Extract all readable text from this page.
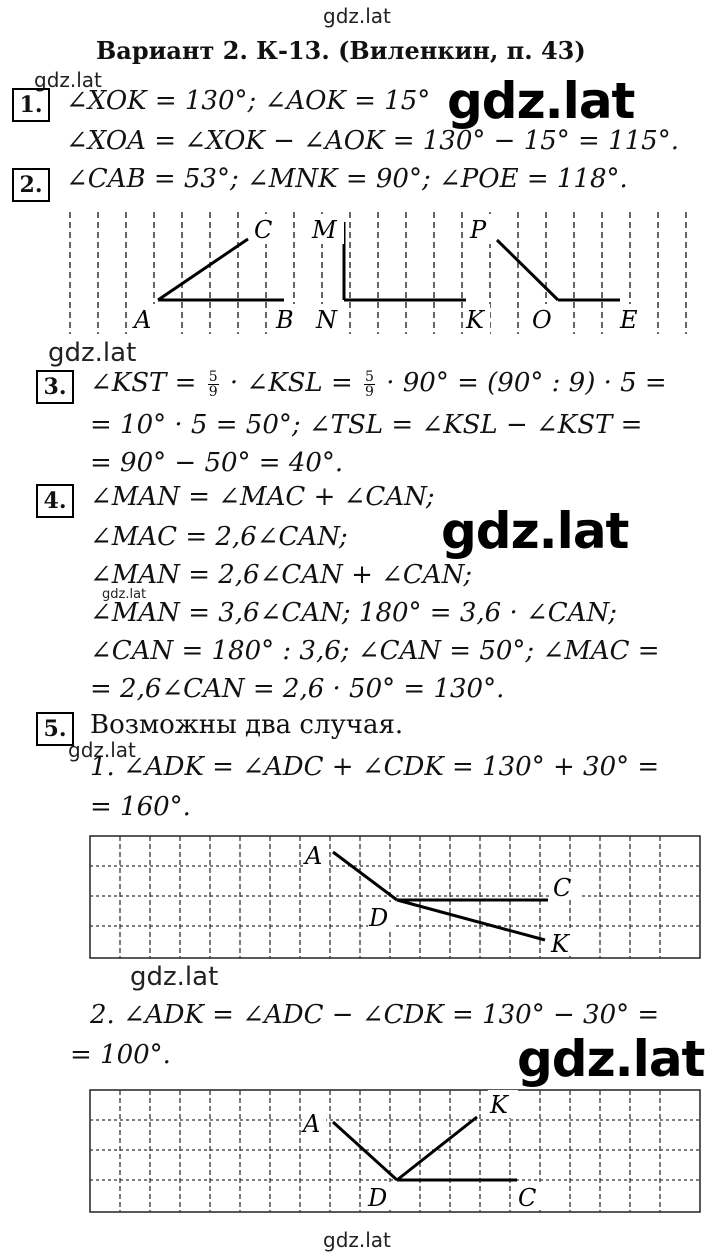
gdz.lat
gdz.lat	gdz.lat
gdz.lat
gdz.lat
gdz.lat
gdz.lat
gdz.lat
gdz.lat
gdz.lat
Вариант 2. К-13. (Виленкин, п. 43)
1. ∠XOK = 130°; ∠AOK = 15°
∠XOA = ∠XOK − ∠AOK = 130° − 15° = 115°.
2. ∠CAB = 53°; ∠MNK = 90°; ∠POE = 118°.
A	B
C M
N	K
P
O	E
3. ∠KST = $\frac{5}{9}$ · ∠KSL = $\frac{5}{9} \cdot 90^\circ = (90^\circ$ : 9) · 5 =
= 10° · 5 = 50°; ∠TSL = ∠KSL − ∠KST =
= 90° − 50° = 40°.
4. ∠MAN = ∠MAC + ∠CAN;
∠MAC = 2,6∠CAN;
∠MAN = 2,6∠CAN + ∠CAN;
∠MAN = 3,6∠CAN; 180° = 3,6 · ∠CAN;
∠CAN = 180° : 3,6; ∠CAN = 50°; ∠MAC =
= 2,6∠CAN = 2,6 · 50° = 130°.
5. Возможны два случая.
1. ∠ADK = ∠ADC + ∠CDK = 130° + 30° =
= 160°.
A
C
D
K
2. ∠ADK = ∠ADC − ∠CDK = 130° − 30° =
= 100°.
A
K
D	C
